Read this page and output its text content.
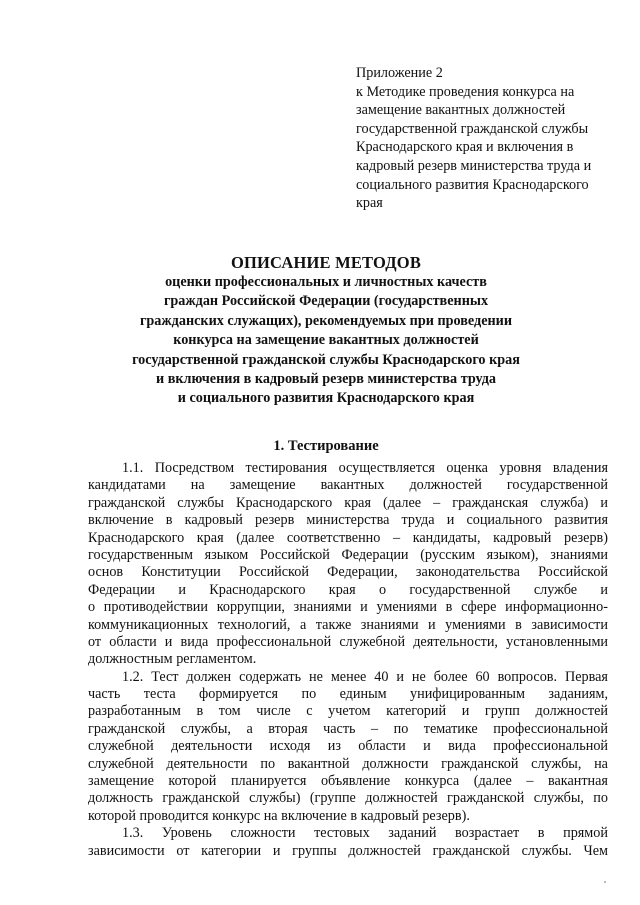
Приложение 2
к Методике проведения конкурса на
замещение вакантных должностей
государственной гражданской службы
Краснодарского края и включения в
кадровый резерв министерства труда и
социального развития Краснодарского
края
ОПИСАНИЕ МЕТОДОВ
оценки профессиональных и личностных качеств
граждан Российской Федерации (государственных
гражданских служащих), рекомендуемых при проведении
конкурса на замещение вакантных должностей
государственной гражданской службы Краснодарского края
и включения в кадровый резерв министерства труда
и социального развития Краснодарского края
1. Тестирование
1.1. Посредством тестирования осуществляется оценка уровня владения
кандидатами на замещение вакантных должностей государственной
гражданской службы Краснодарского края (далее – гражданская служба) и
включение в кадровый резерв министерства труда и социального развития
Краснодарского края (далее соответственно – кандидаты, кадровый резерв)
государственным языком Российской Федерации (русским языком), знаниями
основ Конституции Российской Федерации, законодательства Российской
Федерации и Краснодарского края о государственной службе и
о противодействии коррупции, знаниями и умениями в сфере информационно-
коммуникационных технологий, а также знаниями и умениями в зависимости
от области и вида профессиональной служебной деятельности, установленными
должностным регламентом.
1.2. Тест должен содержать не менее 40 и не более 60 вопросов. Первая
часть теста формируется по единым унифицированным заданиям,
разработанным в том числе с учетом категорий и групп должностей
гражданской службы, а вторая часть – по тематике профессиональной
служебной деятельности исходя из области и вида профессиональной
служебной деятельности по вакантной должности гражданской службы, на
замещение которой планируется объявление конкурса (далее – вакантная
должность гражданской службы) (группе должностей гражданской службы, по
которой проводится конкурс на включение в кадровый резерв).
1.3. Уровень сложности тестовых заданий возрастает в прямой
зависимости от категории и группы должностей гражданской службы. Чем
